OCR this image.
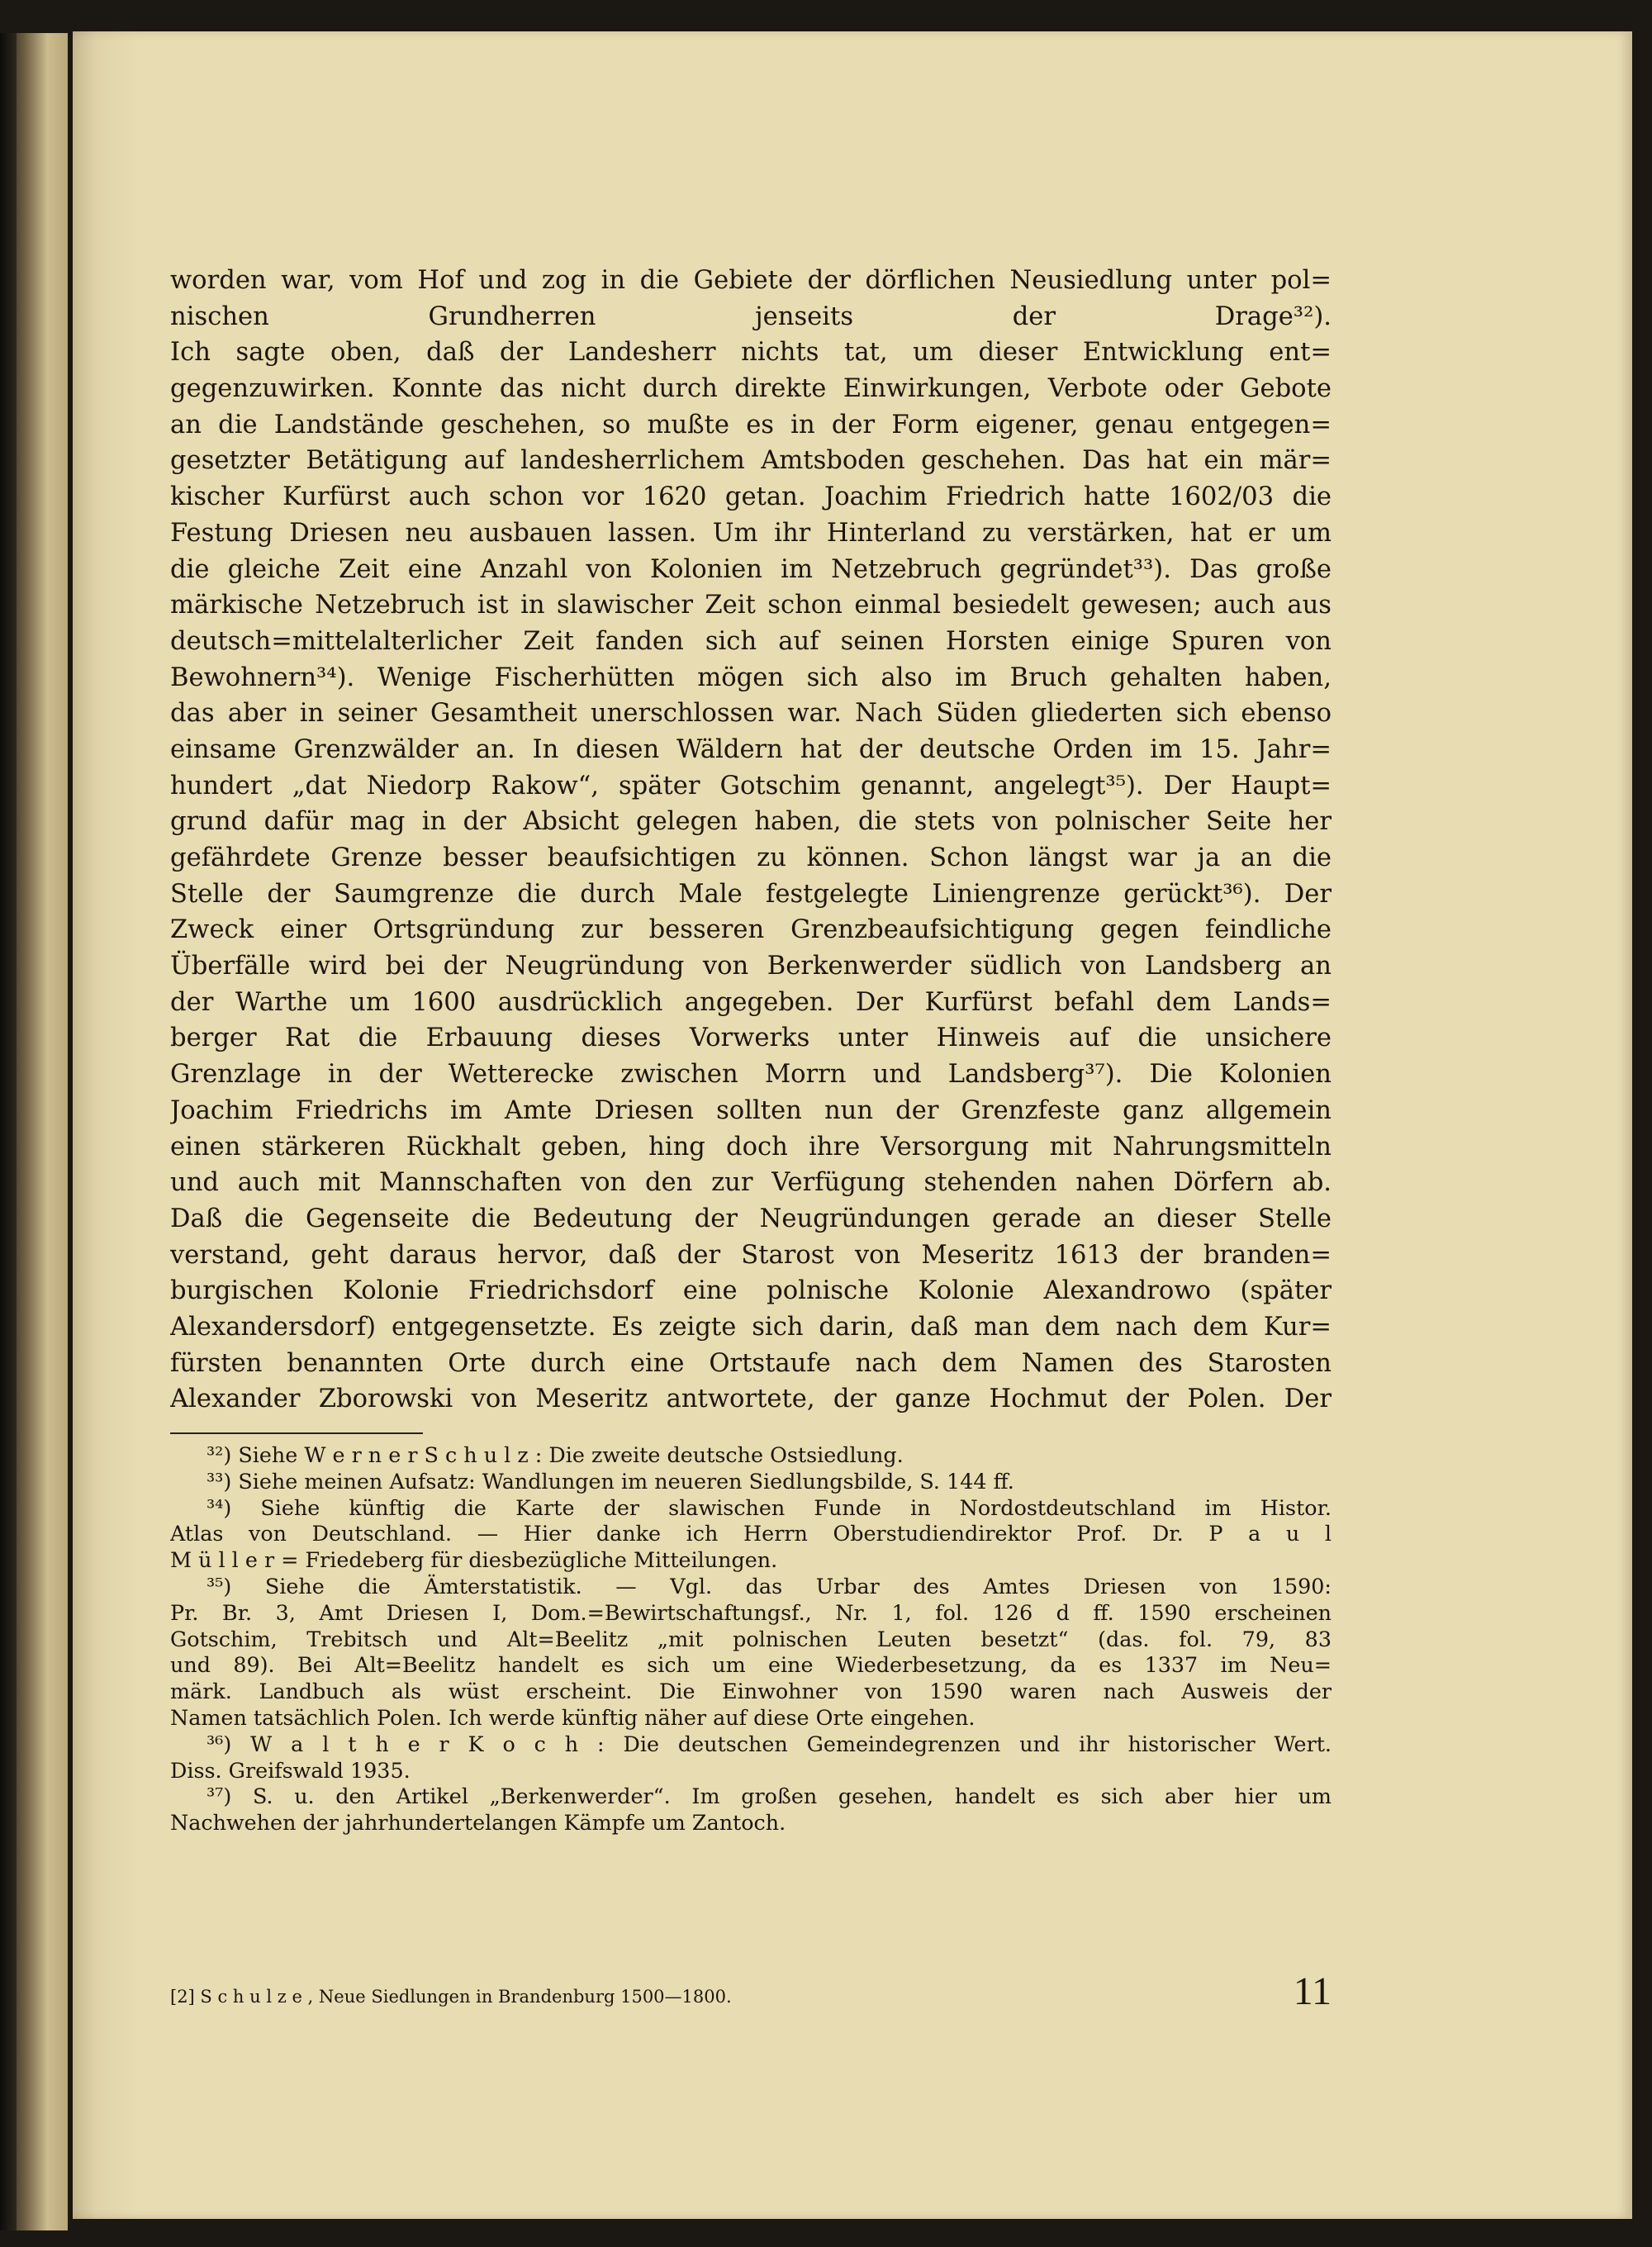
worden war, vom Hof und zog in die Gebiete der dörflichen Neusiedlung unter pol=
nischen Grundherren jenseits der Drage³²).
Ich sagte oben, daß der Landesherr nichts tat, um dieser Entwicklung ent=
gegenzuwirken. Konnte das nicht durch direkte Einwirkungen, Verbote oder Gebote
an die Landstände geschehen, so mußte es in der Form eigener, genau entgegen=
gesetzter Betätigung auf landesherrlichem Amtsboden geschehen. Das hat ein mär=
kischer Kurfürst auch schon vor 1620 getan. Joachim Friedrich hatte 1602/03 die
Festung Driesen neu ausbauen lassen. Um ihr Hinterland zu verstärken, hat er um
die gleiche Zeit eine Anzahl von Kolonien im Netzebruch gegründet³³). Das große
märkische Netzebruch ist in slawischer Zeit schon einmal besiedelt gewesen; auch aus
deutsch=mittelalterlicher Zeit fanden sich auf seinen Horsten einige Spuren von
Bewohnern³⁴). Wenige Fischerhütten mögen sich also im Bruch gehalten haben,
das aber in seiner Gesamtheit unerschlossen war. Nach Süden gliederten sich ebenso
einsame Grenzwälder an. In diesen Wäldern hat der deutsche Orden im 15. Jahr=
hundert „dat Niedorp Rakow“, später Gotschim genannt, angelegt³⁵). Der Haupt=
grund dafür mag in der Absicht gelegen haben, die stets von polnischer Seite her
gefährdete Grenze besser beaufsichtigen zu können. Schon längst war ja an die
Stelle der Saumgrenze die durch Male festgelegte Liniengrenze gerückt³⁶). Der
Zweck einer Ortsgründung zur besseren Grenzbeaufsichtigung gegen feindliche
Überfälle wird bei der Neugründung von Berkenwerder südlich von Landsberg an
der Warthe um 1600 ausdrücklich angegeben. Der Kurfürst befahl dem Lands=
berger Rat die Erbauung dieses Vorwerks unter Hinweis auf die unsichere
Grenzlage in der Wetterecke zwischen Morrn und Landsberg³⁷). Die Kolonien
Joachim Friedrichs im Amte Driesen sollten nun der Grenzfeste ganz allgemein
einen stärkeren Rückhalt geben, hing doch ihre Versorgung mit Nahrungsmitteln
und auch mit Mannschaften von den zur Verfügung stehenden nahen Dörfern ab.
Daß die Gegenseite die Bedeutung der Neugründungen gerade an dieser Stelle
verstand, geht daraus hervor, daß der Starost von Meseritz 1613 der branden=
burgischen Kolonie Friedrichsdorf eine polnische Kolonie Alexandrowo (später
Alexandersdorf) entgegensetzte. Es zeigte sich darin, daß man dem nach dem Kur=
fürsten benannten Orte durch eine Ortstaufe nach dem Namen des Starosten
Alexander Zborowski von Meseritz antwortete, der ganze Hochmut der Polen. Der
³²) Siehe W e r n e r S c h u l z : Die zweite deutsche Ostsiedlung.
³³) Siehe meinen Aufsatz: Wandlungen im neueren Siedlungsbilde, S. 144 ff.
³⁴) Siehe künftig die Karte der slawischen Funde in Nordostdeutschland im Histor.
Atlas von Deutschland. — Hier danke ich Herrn Oberstudiendirektor Prof. Dr. P a u l
M ü l l e r = Friedeberg für diesbezügliche Mitteilungen.
³⁵) Siehe die Ämterstatistik. — Vgl. das Urbar des Amtes Driesen von 1590:
Pr. Br. 3, Amt Driesen I, Dom.=Bewirtschaftungsf., Nr. 1, fol. 126 d ff. 1590 erscheinen
Gotschim, Trebitsch und Alt=Beelitz „mit polnischen Leuten besetzt“ (das. fol. 79, 83
und 89). Bei Alt=Beelitz handelt es sich um eine Wiederbesetzung, da es 1337 im Neu=
märk. Landbuch als wüst erscheint. Die Einwohner von 1590 waren nach Ausweis der
Namen tatsächlich Polen. Ich werde künftig näher auf diese Orte eingehen.
³⁶) W a l t h e r K o c h : Die deutschen Gemeindegrenzen und ihr historischer Wert.
Diss. Greifswald 1935.
³⁷) S. u. den Artikel „Berkenwerder“. Im großen gesehen, handelt es sich aber hier um
Nachwehen der jahrhundertelangen Kämpfe um Zantoch.
[2] S c h u l z e , Neue Siedlungen in Brandenburg 1500—1800.	11
